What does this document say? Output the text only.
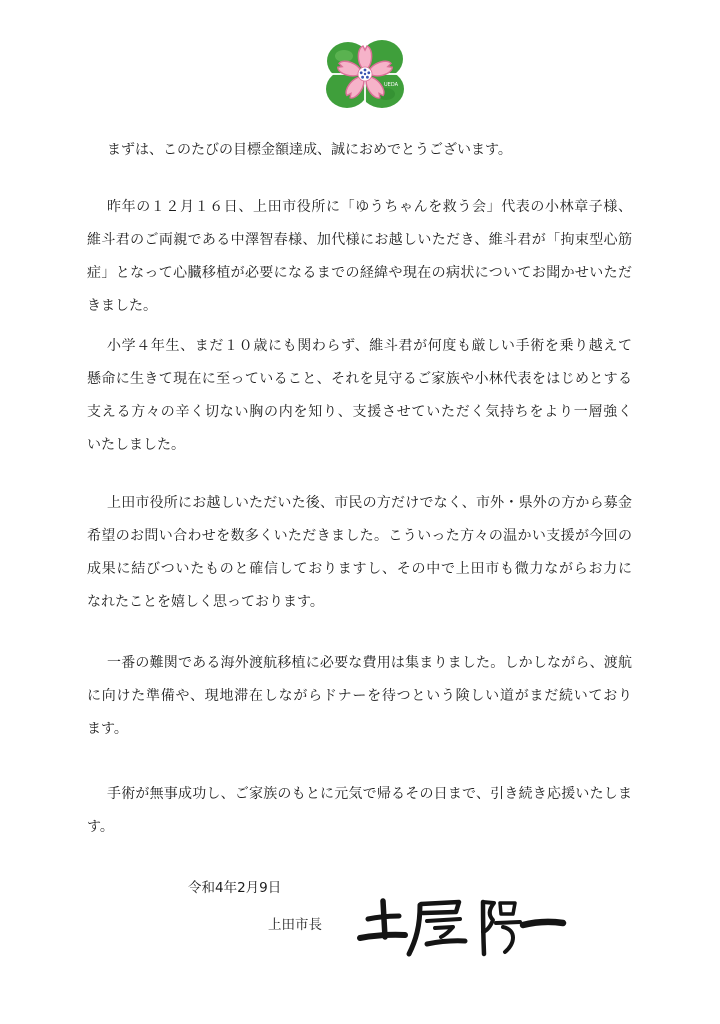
UEDA
まずは、このたびの目標金額達成、誠におめでとうございます。
昨年の１２月１６日、上田市役所に「ゆうちゃんを救う会」代表の小林章子様、
維斗君のご両親である中澤智春様、加代様にお越しいただき、維斗君が「拘束型心筋
症」となって心臓移植が必要になるまでの経緯や現在の病状についてお聞かせいただ
きました。
小学４年生、まだ１０歳にも関わらず、維斗君が何度も厳しい手術を乗り越えて
懸命に生きて現在に至っていること、それを見守るご家族や小林代表をはじめとする
支える方々の辛く切ない胸の内を知り、支援させていただく気持ちをより一層強く
いたしました。
上田市役所にお越しいただいた後、市民の方だけでなく、市外・県外の方から募金
希望のお問い合わせを数多くいただきました。こういった方々の温かい支援が今回の
成果に結びついたものと確信しておりますし、その中で上田市も微力ながらお力に
なれたことを嬉しく思っております。
一番の難関である海外渡航移植に必要な費用は集まりました。しかしながら、渡航
に向けた準備や、現地滞在しながらドナーを待つという険しい道がまだ続いており
ます。
手術が無事成功し、ご家族のもとに元気で帰るその日まで、引き続き応援いたしま
す。
令和4年2月9日
上田市長
